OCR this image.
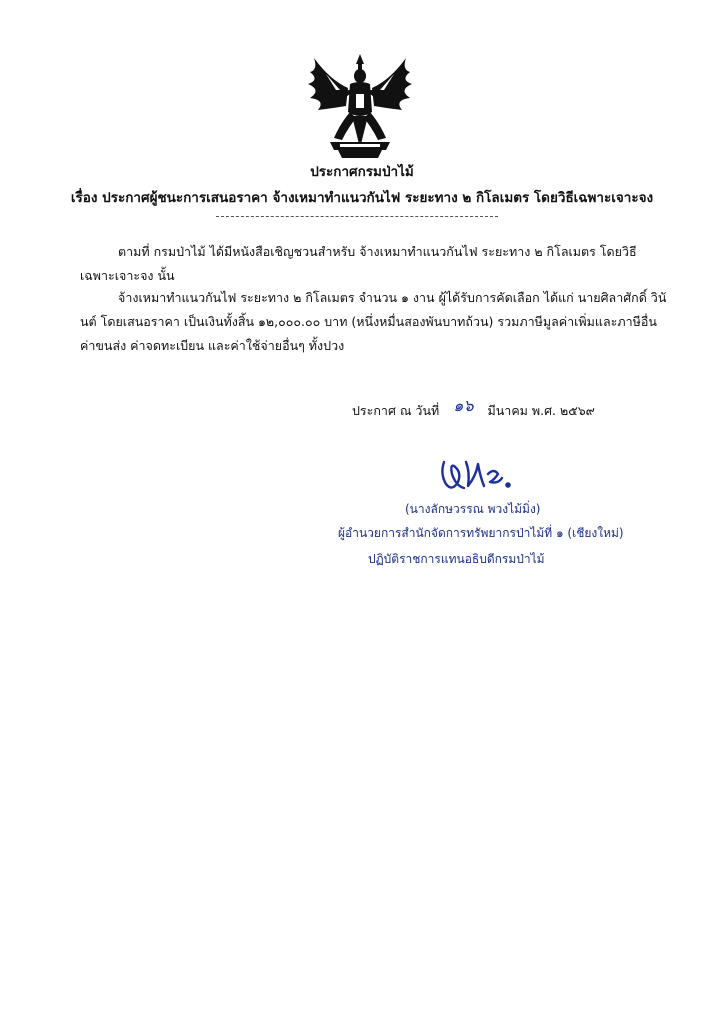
ประกาศกรมป่าไม้
เรื่อง ประกาศผู้ชนะการเสนอราคา จ้างเหมาทำแนวกันไฟ ระยะทาง ๒ กิโลเมตร โดยวิธีเฉพาะเจาะจง

ตามที่ กรมป่าไม้ ได้มีหนังสือเชิญชวนสำหรับ จ้างเหมาทำแนวกันไฟ ระยะทาง ๒ กิโลเมตร โดยวิธีเฉพาะเจาะจง นั้น

จ้างเหมาทำแนวกันไฟ ระยะทาง ๒ กิโลเมตร จำนวน ๑ งาน ผู้ได้รับการคัดเลือก ได้แก่ นายศิลาศักดิ์ วินันต์ โดยเสนอราคา เป็นเงินทั้งสิ้น ๑๒,๐๐๐.๐๐ บาท (หนึ่งหมื่นสองพันบาทถ้วน) รวมภาษีมูลค่าเพิ่มและภาษีอื่น ค่าขนส่ง ค่าจดทะเบียน และค่าใช้จ่ายอื่นๆ ทั้งปวง

ประกาศ ณ วันที่ ๑๖ มีนาคม พ.ศ. ๒๕๖๙
(นางลักษวรรณ พวงไม้มิ่ง)
ผู้อำนวยการสำนักจัดการทรัพยากรป่าไม้ที่ ๑ (เชียงใหม่)
ปฏิบัติราชการแทนอธิบดีกรมป่าไม้
